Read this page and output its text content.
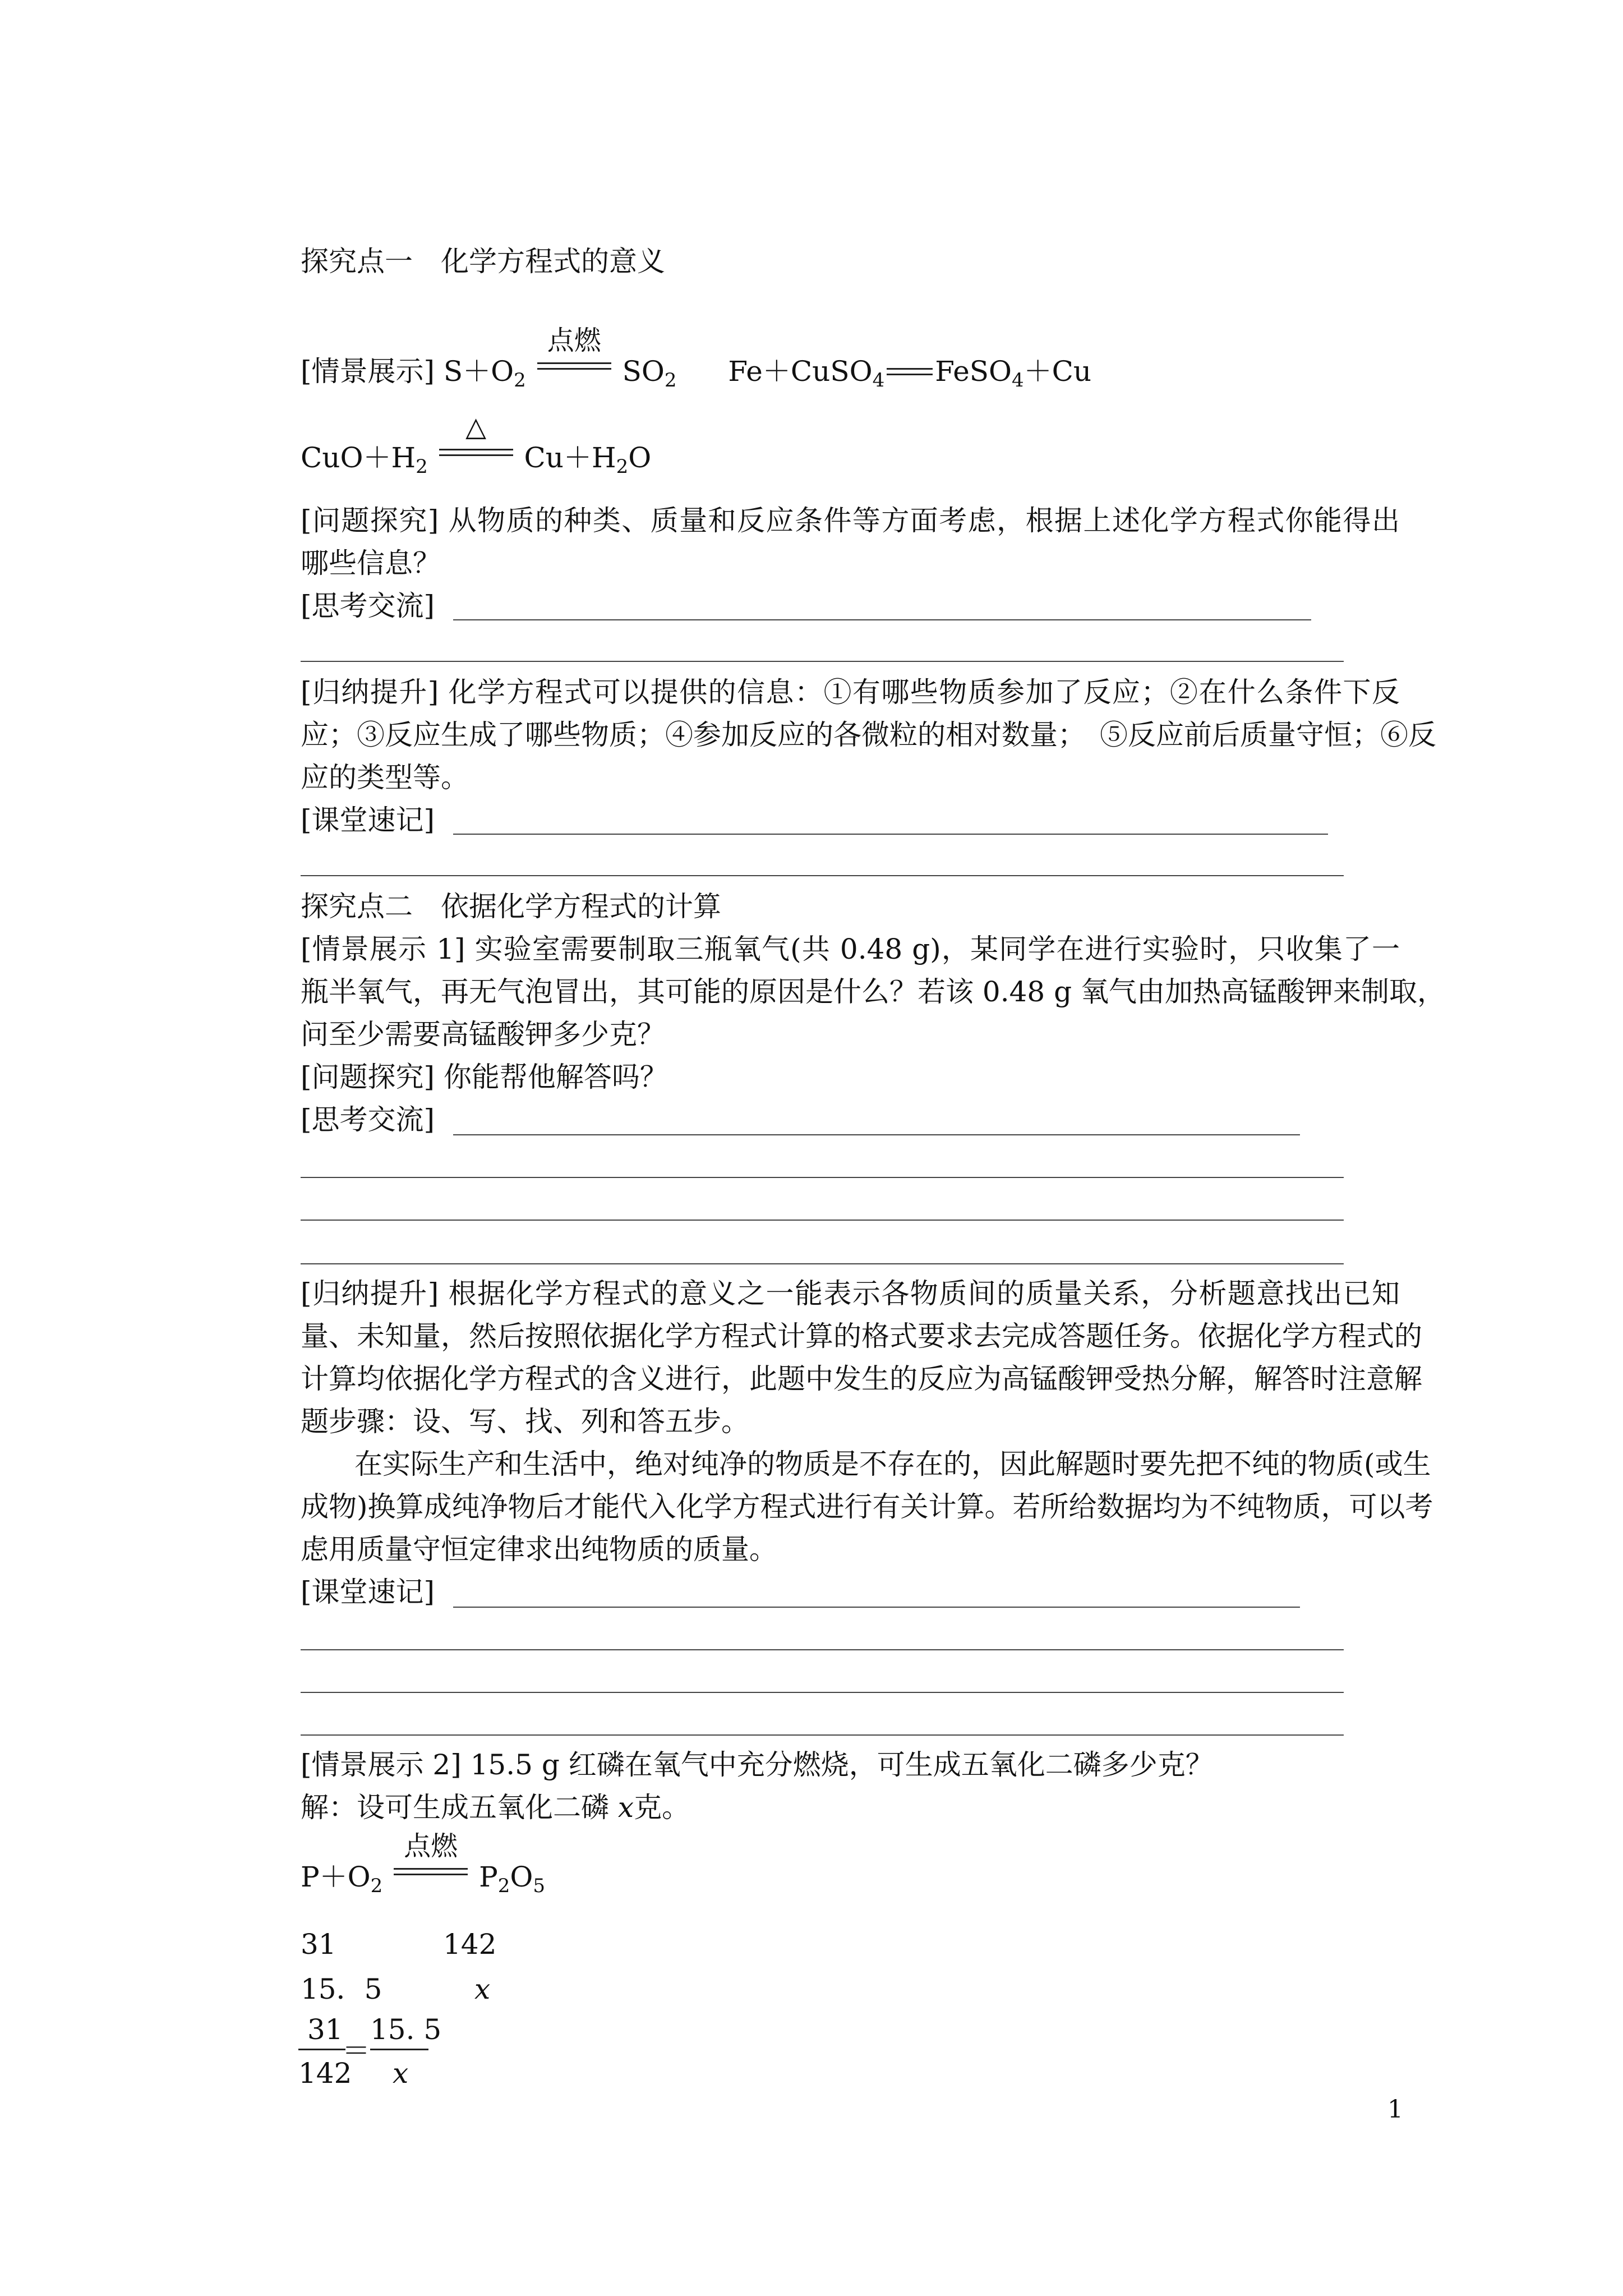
探究点一　化学方程式的意义
[情景展示] $S+O_2$
点燃
$SO_2$ Fe＋CuSO$_4$ FeSO$_4$＋Cu
$CuO+H_2$
△
$Cu+H_2O$
[问题探究] 从物质的种类、质量和反应条件等方面考虑，根据上述化学方程式你能得出
哪些信息？
[思考交流]
[归纳提升] 化学方程式可以提供的信息：①有哪些物质参加了反应；②在什么条件下反
应；③反应生成了哪些物质；④参加反应的各微粒的相对数量；　⑤反应前后质量守恒；⑥反
应的类型等。
[课堂速记]
探究点二　依据化学方程式的计算
[情景展示 1] 实验室需要制取三瓶氧气(共 0.48 g)，某同学在进行实验时，只收集了一
瓶半氧气，再无气泡冒出，其可能的原因是什么？若该 0.48 g 氧气由加热高锰酸钾来制取，
问至少需要高锰酸钾多少克？
[问题探究] 你能帮他解答吗？
[思考交流]
[归纳提升] 根据化学方程式的意义之一能表示各物质间的质量关系，分析题意找出已知
量、未知量，然后按照依据化学方程式计算的格式要求去完成答题任务。依据化学方程式的
计算均依据化学方程式的含义进行，此题中发生的反应为高锰酸钾受热分解，解答时注意解
题步骤：设、写、找、列和答五步。
在实际生产和生活中，绝对纯净的物质是不存在的，因此解题时要先把不纯的物质(或生
成物)换算成纯净物后才能代入化学方程式进行有关计算。若所给数据均为不纯物质，可以考
虑用质量守恒定律求出纯物质的质量。
[课堂速记]
[情景展示 2] 15.5 g 红磷在氧气中充分燃烧，可生成五氧化二磷多少克？
解：设可生成五氧化二磷 x克。
$P+O_2$
点燃
$P_2O_5$
31	142
15．5	x
31
142
＝
15. 5
x
1
